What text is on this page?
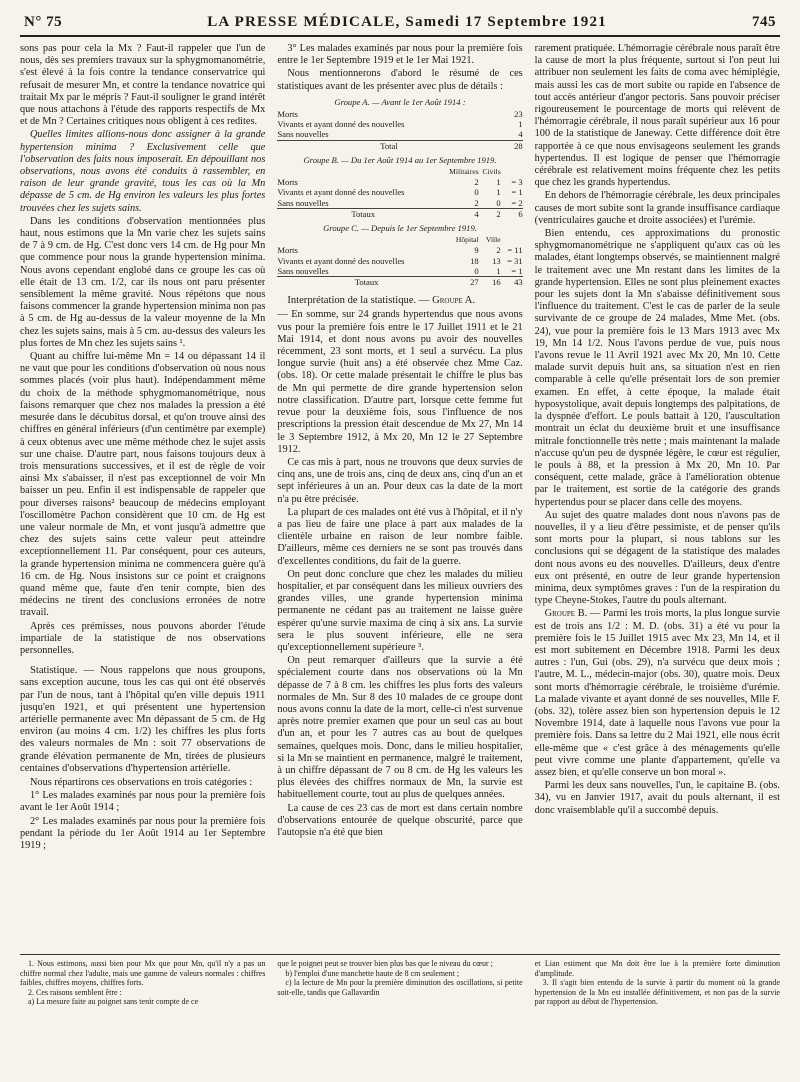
N° 75	LA PRESSE MÉDICALE, Samedi 17 Septembre 1921	745

sons pas pour cela la Mx ? Faut-il rappeler que l'un de nous, dès ses premiers travaux sur la sphygmomanométrie, s'est élevé à la fois contre la tendance conservatrice qui refusait de mesurer Mn, et contre la tendance novatrice qui traitait Mx par le mépris ? Faut-il souligner le grand intérêt que nous attachons à l'étude des rapports respectifs de Mx et de Mn ? Certaines critiques nous obligent à ces redites.

Quelles limites allions-nous donc assigner à la grande hypertension minima ? Exclusivement celle que l'observation des faits nous imposerait. En dépouillant nos observations, nous avons été conduits à rassembler, en raison de leur grande gravité, tous les cas où la Mn dépasse de 5 cm. de Hg environ les valeurs les plus fortes trouvées chez les sujets sains.

Dans les conditions d'observation mentionnées plus haut, nous estimons que la Mn varie chez les sujets sains de 7 à 9 cm. de Hg. C'est donc vers 14 cm. de Hg pour Mn que commence pour nous la grande hypertension minima. Nous avons cependant englobé dans ce groupe les cas où elle était de 13 cm. 1/2, car ils nous ont paru présenter sensiblement la même gravité. Nous répétons que nous faisons commencer la grande hypertension minima non pas à 5 cm. de Hg au-dessus de la valeur moyenne de la Mn chez les sujets sains, mais à 5 cm. au-dessus des valeurs les plus fortes de Mn chez les sujets sains ¹.

Quant au chiffre lui-même Mn = 14 ou dépassant 14 il ne vaut que pour les conditions d'observation où nous nous sommes placés (voir plus haut). Indépendamment même du choix de la méthode sphygmomanométrique, nous faisons remarquer que chez nos malades la pression a été mesurée dans le décubitus dorsal, et qu'on trouve ainsi des chiffres en général inférieurs (d'un centimètre par exemple) à ceux obtenus avec une même méthode chez le sujet assis sur une chaise. D'autre part, nous faisons toujours deux à trois mensurations successives, et il est de règle de voir ainsi Mx s'abaisser, il n'est pas exceptionnel de voir Mn baisser un peu. Enfin il est indispensable de rappeler que pour diverses raisons² beaucoup de médecins employant l'oscillomètre Pachon considèrent que 10 cm. de Hg est une valeur normale de Mn, et vont jusqu'à admettre que chez des sujets sains cette valeur peut atteindre exceptionnellement 11. Par conséquent, pour ces auteurs, la grande hypertension minima ne commencera guère qu'à 16 cm. de Hg. Nous insistons sur ce point et craignons quand même que, faute d'en tenir compte, bien des médecins ne tirent des conclusions erronées de notre travail.

Après ces prémisses, nous pouvons aborder l'étude impartiale de la statistique de nos observations personnelles.

Statistique. — Nous rappelons que nous groupons, sans exception aucune, tous les cas qui ont été observés par l'un de nous, tant à l'hôpital qu'en ville depuis 1911 jusqu'en 1921, et qui présentent une hypertension artérielle permanente avec Mn dépassant de 5 cm. de Hg environ (au moins 4 cm. 1/2) les chiffres les plus forts des valeurs normales de Mn : soit 77 observations de grande élévation permanente de Mn, tirées de plusieurs centaines d'observations d'hypertension artérielle.

Nous répartirons ces observations en trois catégories :

1° Les malades examinés par nous pour la première fois avant le 1er Août 1914 ;

2° Les malades examinés par nous pour la première fois pendant la période du 1er Août 1914 au 1er Septembre 1919 ;

3° Les malades examinés par nous pour la première fois entre le 1er Septembre 1919 et le 1er Mai 1921.

Nous mentionnerons d'abord le résumé de ces statistiques avant de les présenter avec plus de détails :

Groupe A. — Avant le 1er Août 1914 :
Morts	23
Vivants et ayant donné des nouvelles	1
Sans nouvelles	4
Total	28
Groupe B. — Du 1er Août 1914 au 1er Septembre 1919.
	Militaires	Civils	
Morts	2	1	= 3
Vivants et ayant donné des nouvelles	0	1	= 1
Sans nouvelles	2	0	= 2
Totaux	4	2	6
Groupe C. — Depuis le 1er Septembre 1919.
	Hôpital	Ville	
Morts	9	2	= 11
Vivants et ayant donné des nouvelles	18	13	= 31
Sans nouvelles	0	1	= 1
Totaux	27	16	43
Interprétation de la statistique. — Groupe A.

— En somme, sur 24 grands hypertendus que nous avons vus pour la première fois entre le 17 Juillet 1911 et le 21 Mai 1914, et dont nous avons pu avoir des nouvelles récemment, 23 sont morts, et 1 seul a survécu. La plus longue survie (huit ans) a été observée chez Mme Caz. (obs. 18). Or cette malade présentait le chiffre le plus bas de Mn qui permette de dire grande hypertension selon notre classification. D'autre part, lorsque cette femme fut revue pour la deuxième fois, sous l'influence de nos prescriptions la pression était descendue de Mx 27, Mn 14 le 3 Septembre 1912, à Mx 20, Mn 12 le 27 Septembre 1912.

Ce cas mis à part, nous ne trouvons que deux survies de cinq ans, une de trois ans, cinq de deux ans, cinq d'un an et sept inférieures à un an. Pour deux cas la date de la mort n'a pu être précisée.

La plupart de ces malades ont été vus à l'hôpital, et il n'y a pas lieu de faire une place à part aux malades de la clientèle urbaine en raison de leur nombre faible. D'ailleurs, même ces derniers ne se sont pas trouvés dans d'excellentes conditions, du fait de la guerre.

On peut donc conclure que chez les malades du milieu hospitalier, et par conséquent dans les milieux ouvriers des grandes villes, une grande hypertension minima permanente ne cédant pas au traitement ne laisse guère espérer qu'une survie maxima de cinq à six ans. La survie sera le plus souvent inférieure, elle ne sera qu'exceptionnellement supérieure ³.

On peut remarquer d'ailleurs que la survie a été spécialement courte dans nos observations où la Mn dépasse de 7 à 8 cm. les chiffres les plus forts des valeurs normales de Mn. Sur 8 des 10 malades de ce groupe dont nous avons connu la date de la mort, celle-ci n'est survenue après notre premier examen que pour un seul cas au bout d'un an, et pour les 7 autres cas au bout de quelques semaines, quelques mois. Donc, dans le milieu hospitalier, si la Mn se maintient en permanence, malgré le traitement, à un chiffre dépassant de 7 ou 8 cm. de Hg les valeurs les plus élevées des chiffres normaux de Mn, la survie est habituellement courte, tout au plus de quelques années.

La cause de ces 23 cas de mort est dans certain nombre d'observations entourée de quelque obscurité, parce que l'autopsie n'a été que bien

rarement pratiquée. L'hémorragie cérébrale nous paraît être la cause de mort la plus fréquente, surtout si l'on peut lui attribuer non seulement les faits de coma avec hémiplégie, mais aussi les cas de mort subite ou rapide en l'absence de tout accès antérieur d'angor pectoris. Sans pouvoir préciser rigoureusement le pourcentage de morts qui relèvent de l'hémorragie cérébrale, il nous paraît supérieur aux 16 pour 100 de la statistique de Janeway. Cette différence doit être rapportée à ce que nous envisageons seulement les grands hypertendus. Il est logique de penser que l'hémorragie cérébrale est relativement moins fréquente chez les petits que chez les grands hypertendus.

En dehors de l'hémorragie cérébrale, les deux principales causes de mort subite sont la grande insuffisance cardiaque (ventriculaires gauche et droite associées) et l'urémie.

Bien entendu, ces approximations du pronostic sphygmomanométrique ne s'appliquent qu'aux cas où les malades, étant longtemps observés, se maintiennent malgré le traitement avec une Mn restant dans les limites de la grande hypertension. Elles ne sont plus pleinement exactes pour les sujets dont la Mn s'abaisse définitivement sous l'influence du traitement. C'est le cas de parler de la seule survivante de ce groupe de 24 malades, Mme Met. (obs. 24), vue pour la première fois le 13 Mars 1913 avec Mx 19, Mn 14 1/2. Nous l'avons perdue de vue, puis nous l'avons revue le 11 Avril 1921 avec Mx 20, Mn 10. Cette malade survit depuis huit ans, sa situation n'est en rien comparable à celle qu'elle présentait lors de son premier examen. En effet, à cette époque, la malade était hyposystolique, avait depuis longtemps des palpitations, de la dyspnée d'effort. Le pouls battait à 120, l'auscultation montrait un éclat du deuxième bruit et une insuffisance mitrale fonctionnelle très nette ; mais maintenant la malade n'accuse qu'un peu de dyspnée légère, le cœur est régulier, le pouls à 88, et la pression à Mx 20, Mn 10. Par conséquent, cette malade, grâce à l'amélioration obtenue par le traitement, est sortie de la catégorie des grands hypertendus pour se placer dans celle des moyens.

Au sujet des quatre malades dont nous n'avons pas de nouvelles, il y a lieu d'être pessimiste, et de penser qu'ils sont morts pour la plupart, si nous tablons sur les conclusions qui se dégagent de la statistique des malades dont nous avons eu des nouvelles. D'ailleurs, deux d'entre eux ont présenté, en outre de leur grande hypertension minima, deux symptômes graves : l'un de la respiration du type Cheyne-Stokes, l'autre du pouls alternant.

Groupe B. — Parmi les trois morts, la plus longue survie est de trois ans 1/2 : M. D. (obs. 31) a été vu pour la première fois le 15 Juillet 1915 avec Mx 23, Mn 14, et il est mort subitement en Décembre 1918. Parmi les deux autres : l'un, Gui (obs. 29), n'a survécu que deux mois ; l'autre, M. L., médecin-major (obs. 30), quatre mois. Deux sont morts d'hémorragie cérébrale, le troisième d'urémie. La malade vivante et ayant donné de ses nouvelles, Mlle F. (obs. 32), tolère assez bien son hypertension depuis le 12 Novembre 1914, date à laquelle nous l'avons vue pour la première fois. Dans sa lettre du 2 Mai 1921, elle nous écrit elle-même que « c'est grâce à des ménagements qu'elle peut vivre comme une plante d'appartement, qu'elle va assez bien, et qu'elle conserve un bon moral ».

Parmi les deux sans nouvelles, l'un, le capitaine B. (obs. 34), vu en Janvier 1917, avait du pouls alternant, il est donc vraisemblable qu'il a succombé depuis.

1. Nous estimons, aussi bien pour Mx que pour Mn, qu'il n'y a pas un chiffre normal chez l'adulte, mais une gamme de valeurs normales : chiffres faibles, chiffres moyens, chiffres forts.

2. Ces raisons semblent être :

a) La mesure faite au poignet sans tenir compte de ce

que le poignet peut se trouver bien plus bas que le niveau du cœur ;

b) l'emploi d'une manchette haute de 8 cm seulement ;

c) la lecture de Mn pour la première diminution des oscillations, si petite soit-elle, tandis que Gallavardin

et Lian estiment que Mn doit être lue à la première forte diminution d'amplitude.

3. Il s'agit bien entendu de la survie à partir du moment où la grande hypertension de la Mn est installée définitivement, et non pas de la survie par rapport au début de l'hypertension.
